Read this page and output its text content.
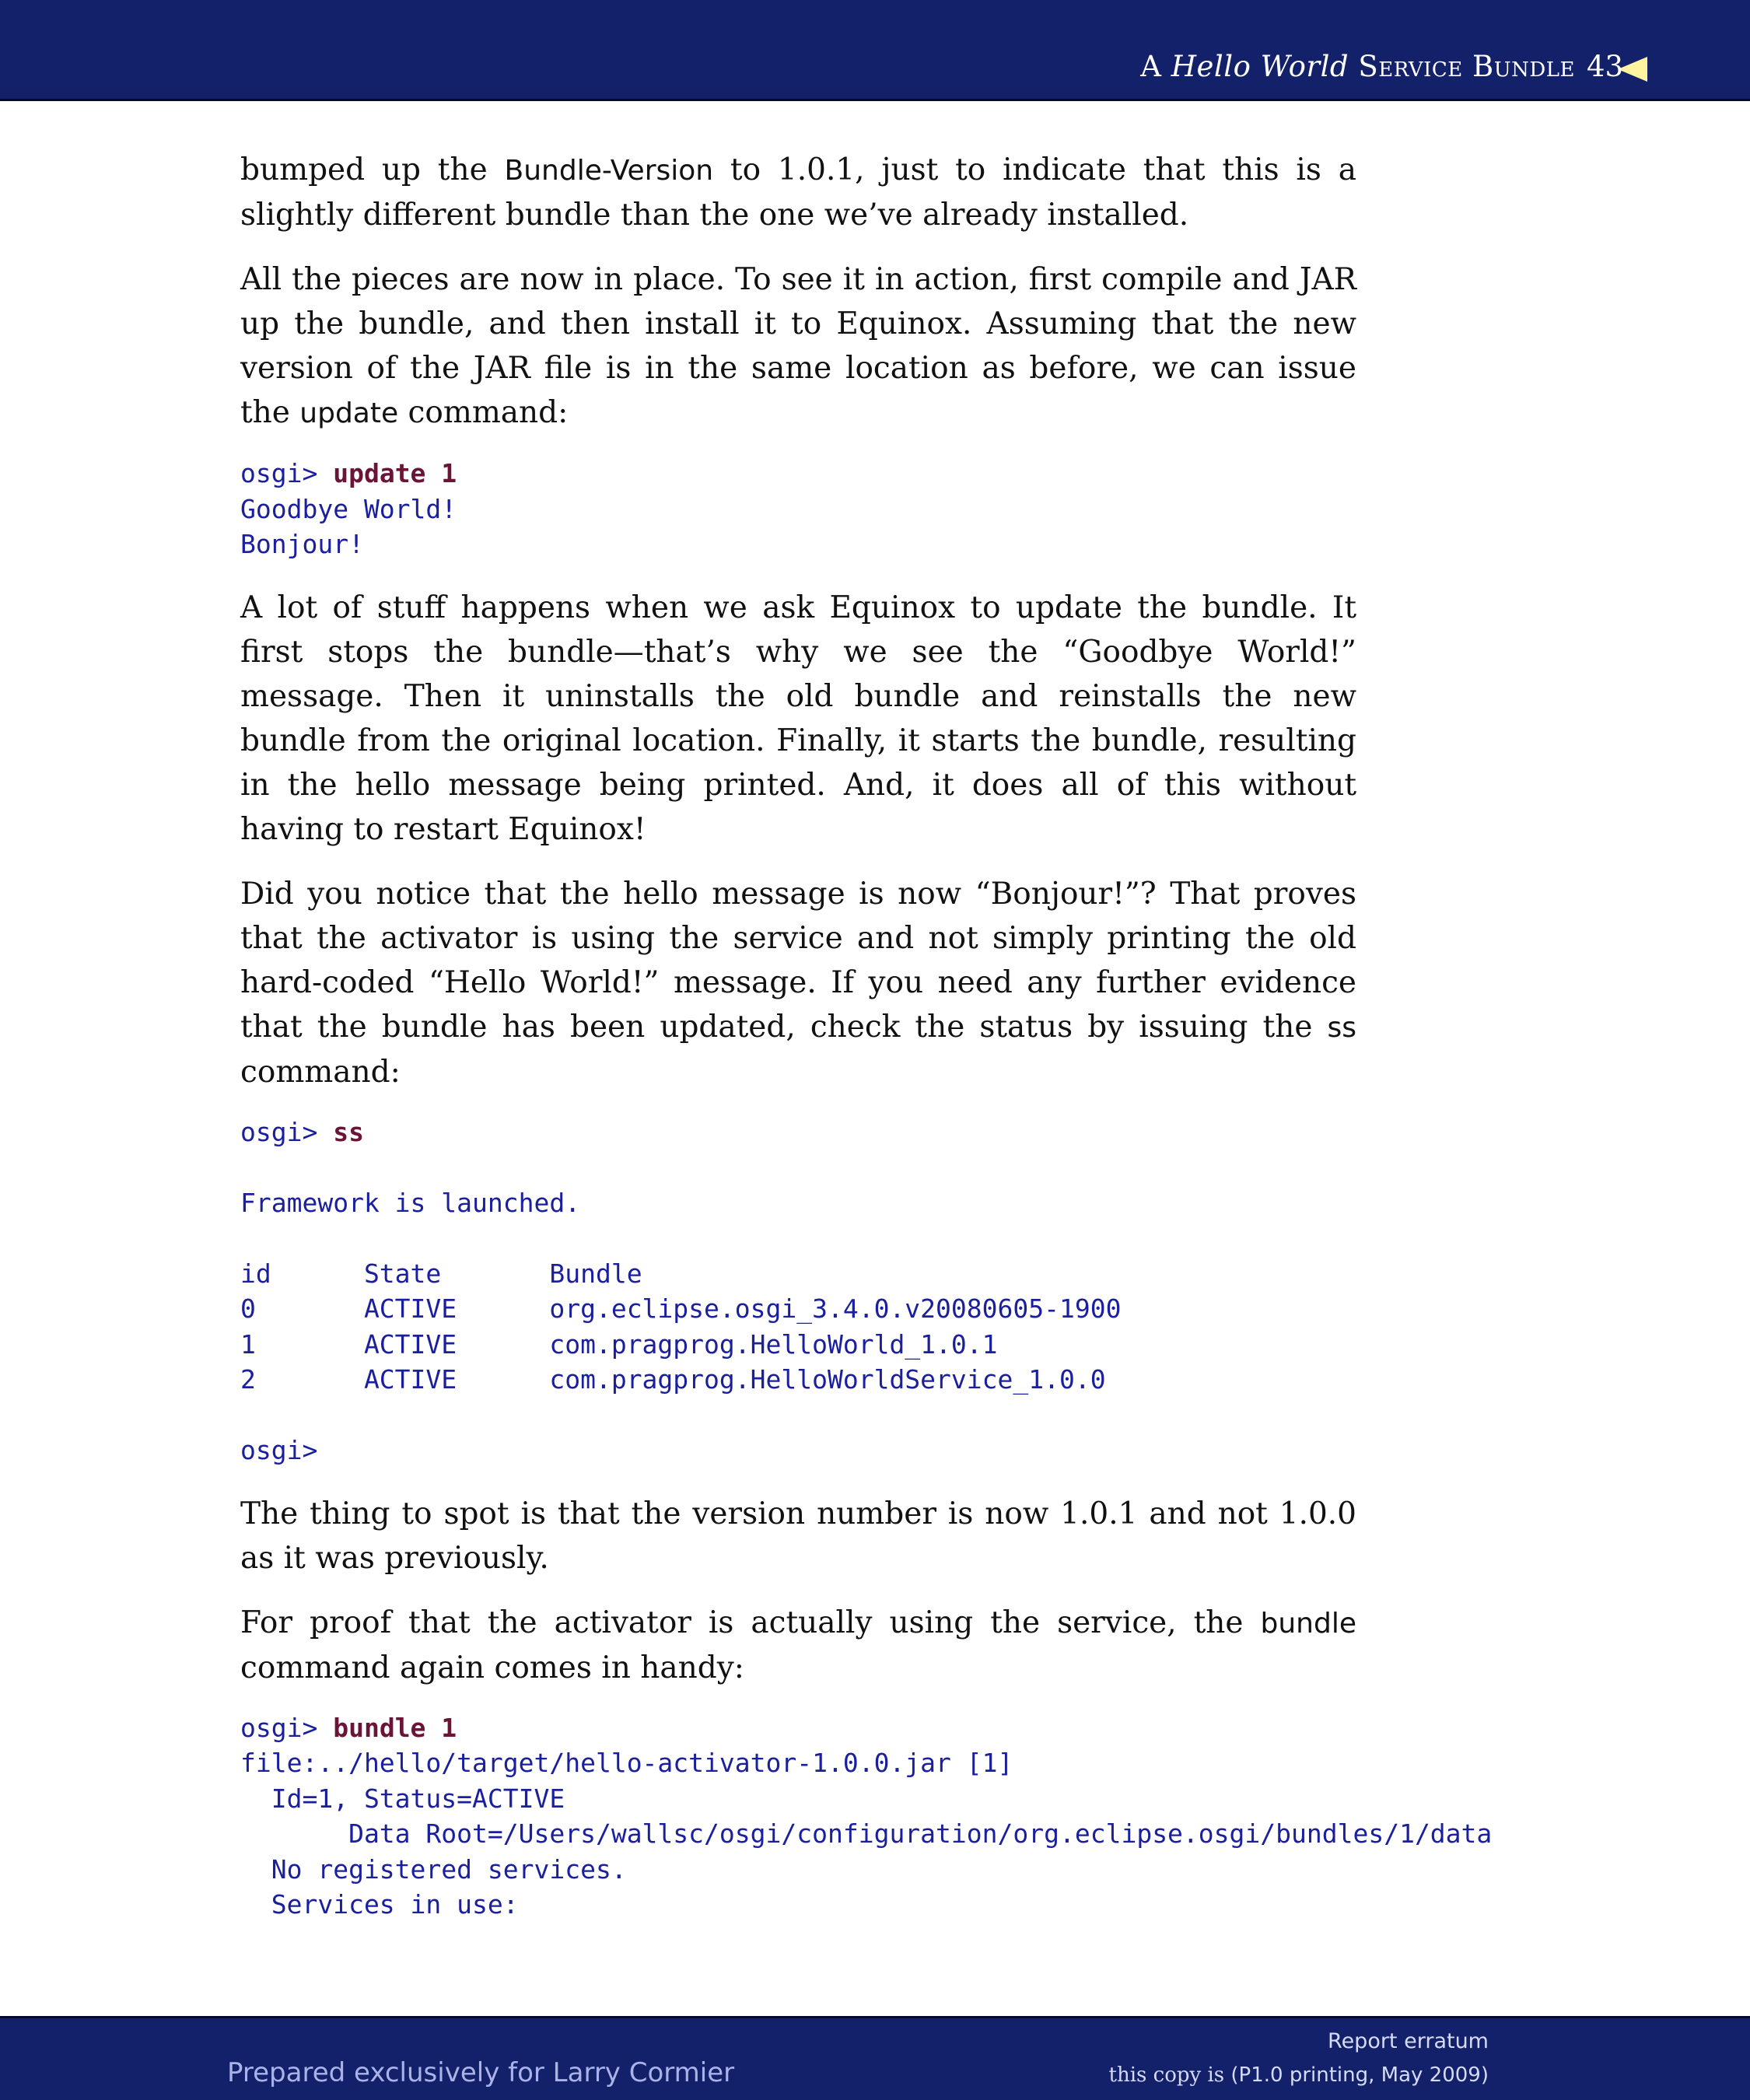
A Hello World Service Bundle 43

bumped up the Bundle-Version to 1.0.1, just to indicate that this is a slightly different bundle than the one we’ve already installed.

All the pieces are now in place. To see it in action, first compile and JAR up the bundle, and then install it to Equinox. Assuming that the new version of the JAR file is in the same location as before, we can issue the update command:

osgi> update 1
Goodbye World!
Bonjour!

A lot of stuff happens when we ask Equinox to update the bundle. It first stops the bundle—that’s why we see the “Goodbye World!” message. Then it uninstalls the old bundle and reinstalls the new bundle from the original location. Finally, it starts the bundle, resulting in the hello message being printed. And, it does all of this without having to restart Equinox!

Did you notice that the hello message is now “Bonjour!”? That proves that the activator is using the service and not simply printing the old hard-coded “Hello World!” message. If you need any further evidence that the bundle has been updated, check the status by issuing the ss command:

osgi> ss
Framework is launched.
id      State       Bundle
0       ACTIVE      org.eclipse.osgi_3.4.0.v20080605-1900
1       ACTIVE      com.pragprog.HelloWorld_1.0.1
2       ACTIVE      com.pragprog.HelloWorldService_1.0.0
osgi>

The thing to spot is that the version number is now 1.0.1 and not 1.0.0 as it was previously.

For proof that the activator is actually using the service, the bundle command again comes in handy:

osgi> bundle 1
file:../hello/target/hello-activator-1.0.0.jar [1]
Id=1, Status=ACTIVE
Data Root=/Users/wallsc/osgi/configuration/org.eclipse.osgi/bundles/1/data
No registered services.
Services in use:
Prepared exclusively for Larry Cormier
Report erratum
this copy is (P1.0 printing, May 2009)
